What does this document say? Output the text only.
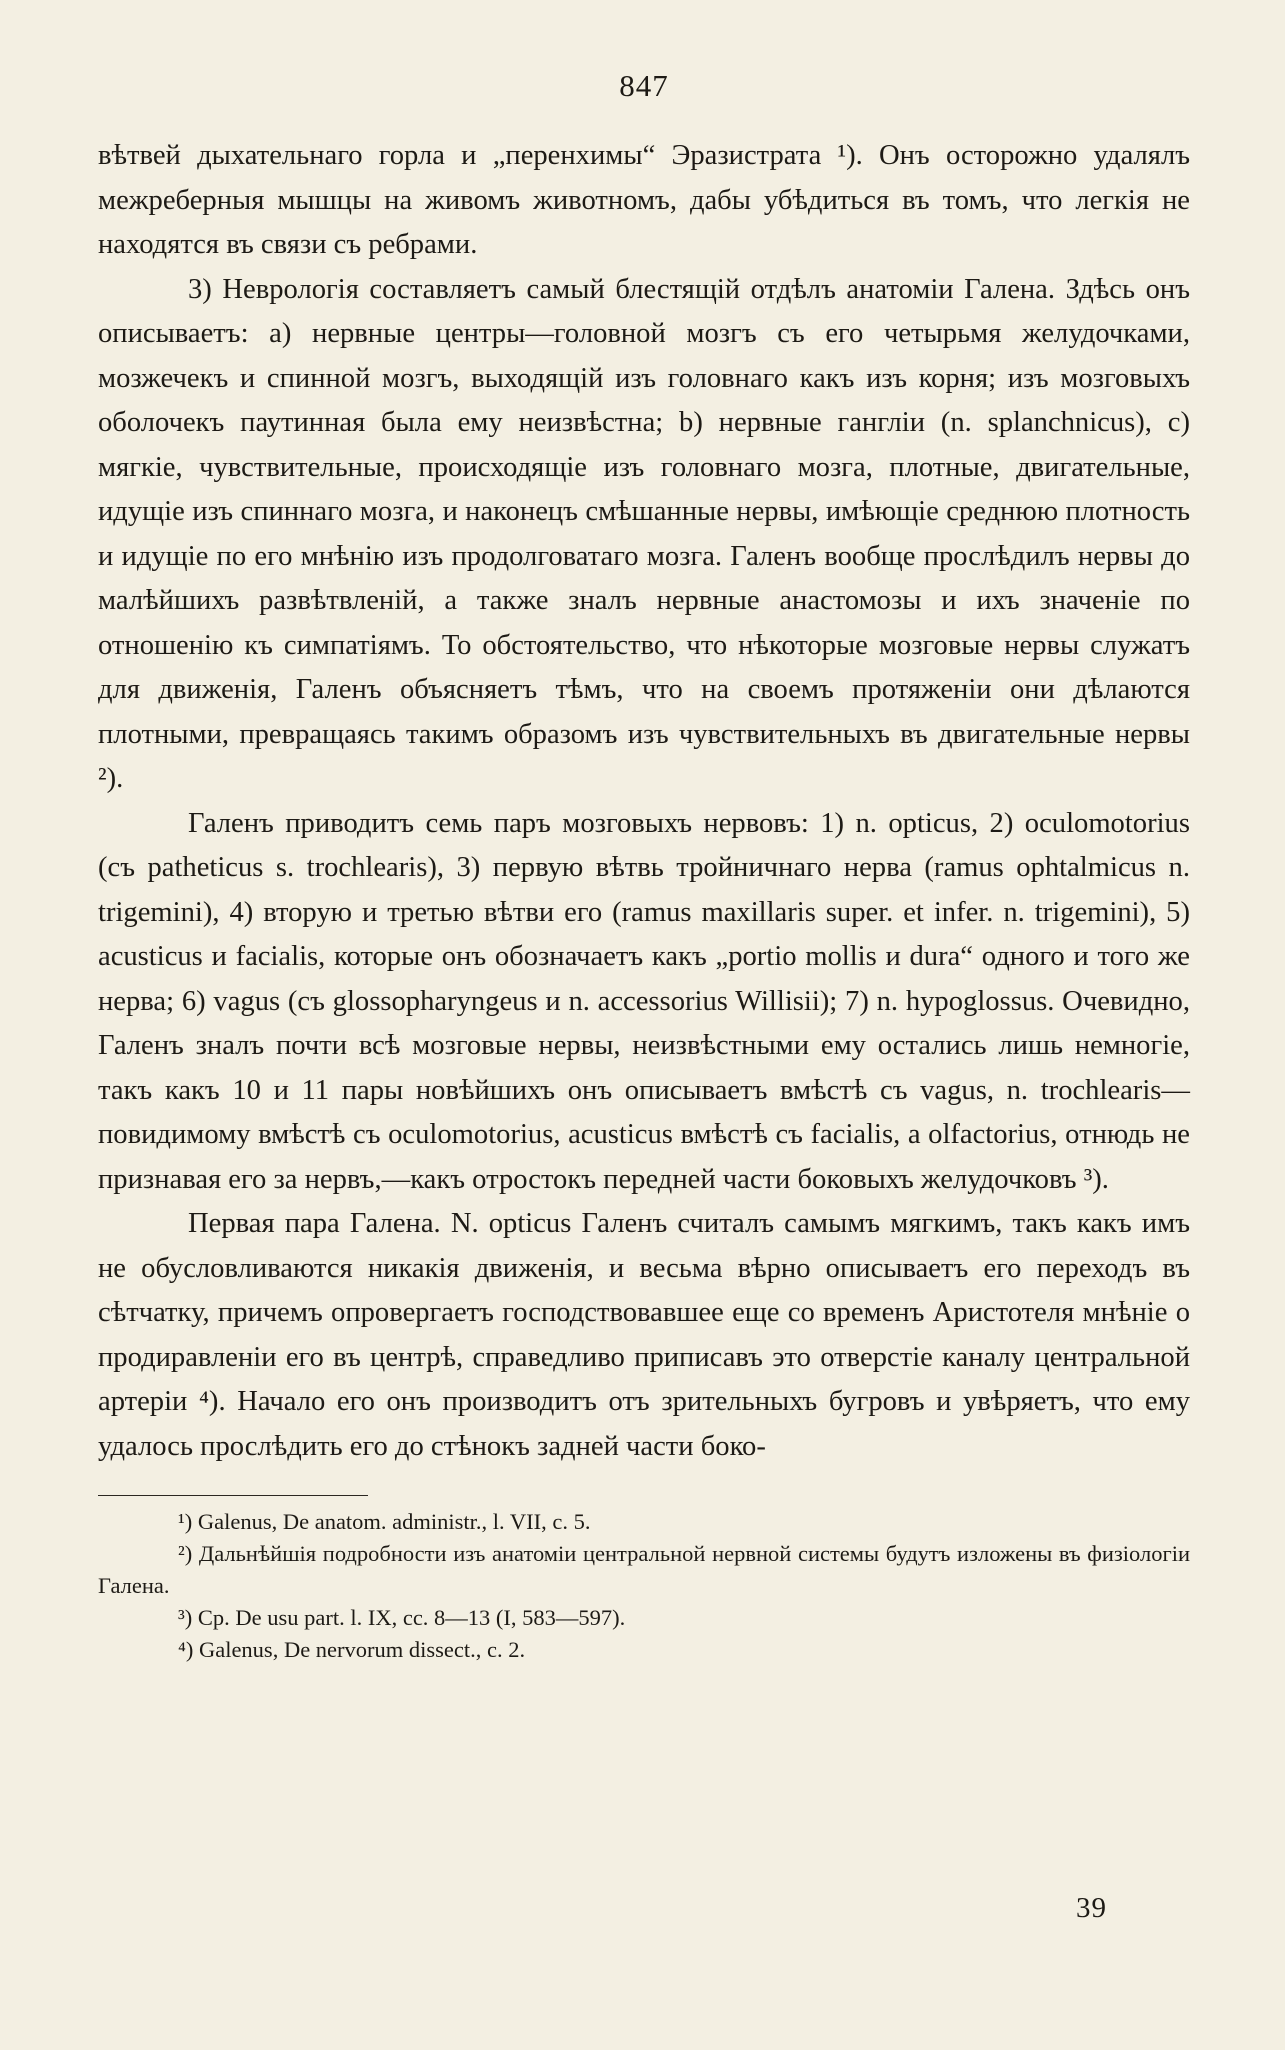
847

вѣтвей дыхательнаго горла и „перенхимы“ Эразистрата ¹). Онъ осторожно удалялъ межреберныя мышцы на живомъ животномъ, дабы убѣдиться въ томъ, что легкія не находятся въ связи съ ребрами.

3) Неврологія составляетъ самый блестящій отдѣлъ анатоміи Галена. Здѣсь онъ описываетъ: a) нервные центры—головной мозгъ съ его четырьмя желудочками, мозжечекъ и спинной мозгъ, выходящій изъ головнаго какъ изъ корня; изъ мозговыхъ оболочекъ паутинная была ему неизвѣстна; b) нервные гангліи (n. splanchnicus), c) мягкіе, чувствительные, происходящіе изъ головнаго мозга, плотные, двигательные, идущіе изъ спиннаго мозга, и наконецъ смѣшанные нервы, имѣющіе среднюю плотность и идущіе по его мнѣнію изъ продолговатаго мозга. Галенъ вообще прослѣдилъ нервы до малѣйшихъ развѣтвленій, а также зналъ нервные анастомозы и ихъ значеніе по отношенію къ симпатіямъ. То обстоятельство, что нѣкоторые мозговые нервы служатъ для движенія, Галенъ объясняетъ тѣмъ, что на своемъ протяженіи они дѣлаются плотными, превращаясь такимъ образомъ изъ чувствительныхъ въ двигательные нервы ²).

Галенъ приводитъ семь паръ мозговыхъ нервовъ: 1) n. opticus, 2) oculomotorius (съ patheticus s. trochlearis), 3) первую вѣтвь тройничнаго нерва (ramus ophtalmicus n. trigemini), 4) вторую и третью вѣтви его (ramus maxillaris super. et infer. n. trigemini), 5) acusticus и facialis, которые онъ обозначаетъ какъ „portio mollis и dura“ одного и того же нерва; 6) vagus (съ glossopharyngeus и n. accessorius Willisii); 7) n. hypoglossus. Очевидно, Галенъ зналъ почти всѣ мозговые нервы, неизвѣстными ему остались лишь немногіе, такъ какъ 10 и 11 пары новѣйшихъ онъ описываетъ вмѣстѣ съ vagus, n. trochlearis—повидимому вмѣстѣ съ oculomotorius, acusticus вмѣстѣ съ facialis, а olfactorius, отнюдь не признавая его за нервъ,—какъ отростокъ передней части боковыхъ желудочковъ ³).

Первая пара Галена. N. opticus Галенъ считалъ самымъ мягкимъ, такъ какъ имъ не обусловливаются никакія движенія, и весьма вѣрно описываетъ его переходъ въ сѣтчатку, причемъ опровергаетъ господствовавшее еще со временъ Аристотеля мнѣніе о продиравленіи его въ центрѣ, справедливо приписавъ это отверстіе каналу центральной артеріи ⁴). Начало его онъ производитъ отъ зрительныхъ бугровъ и увѣряетъ, что ему удалось прослѣдить его до стѣнокъ задней части боко-

¹) Galenus, De anatom. administr., l. VII, c. 5.

²) Дальнѣйшія подробности изъ анатоміи центральной нервной системы будутъ изложены въ физіологіи Галена.

³) Cp. De usu part. l. IX, cc. 8—13 (I, 583—597).

⁴) Galenus, De nervorum dissect., c. 2.

39
